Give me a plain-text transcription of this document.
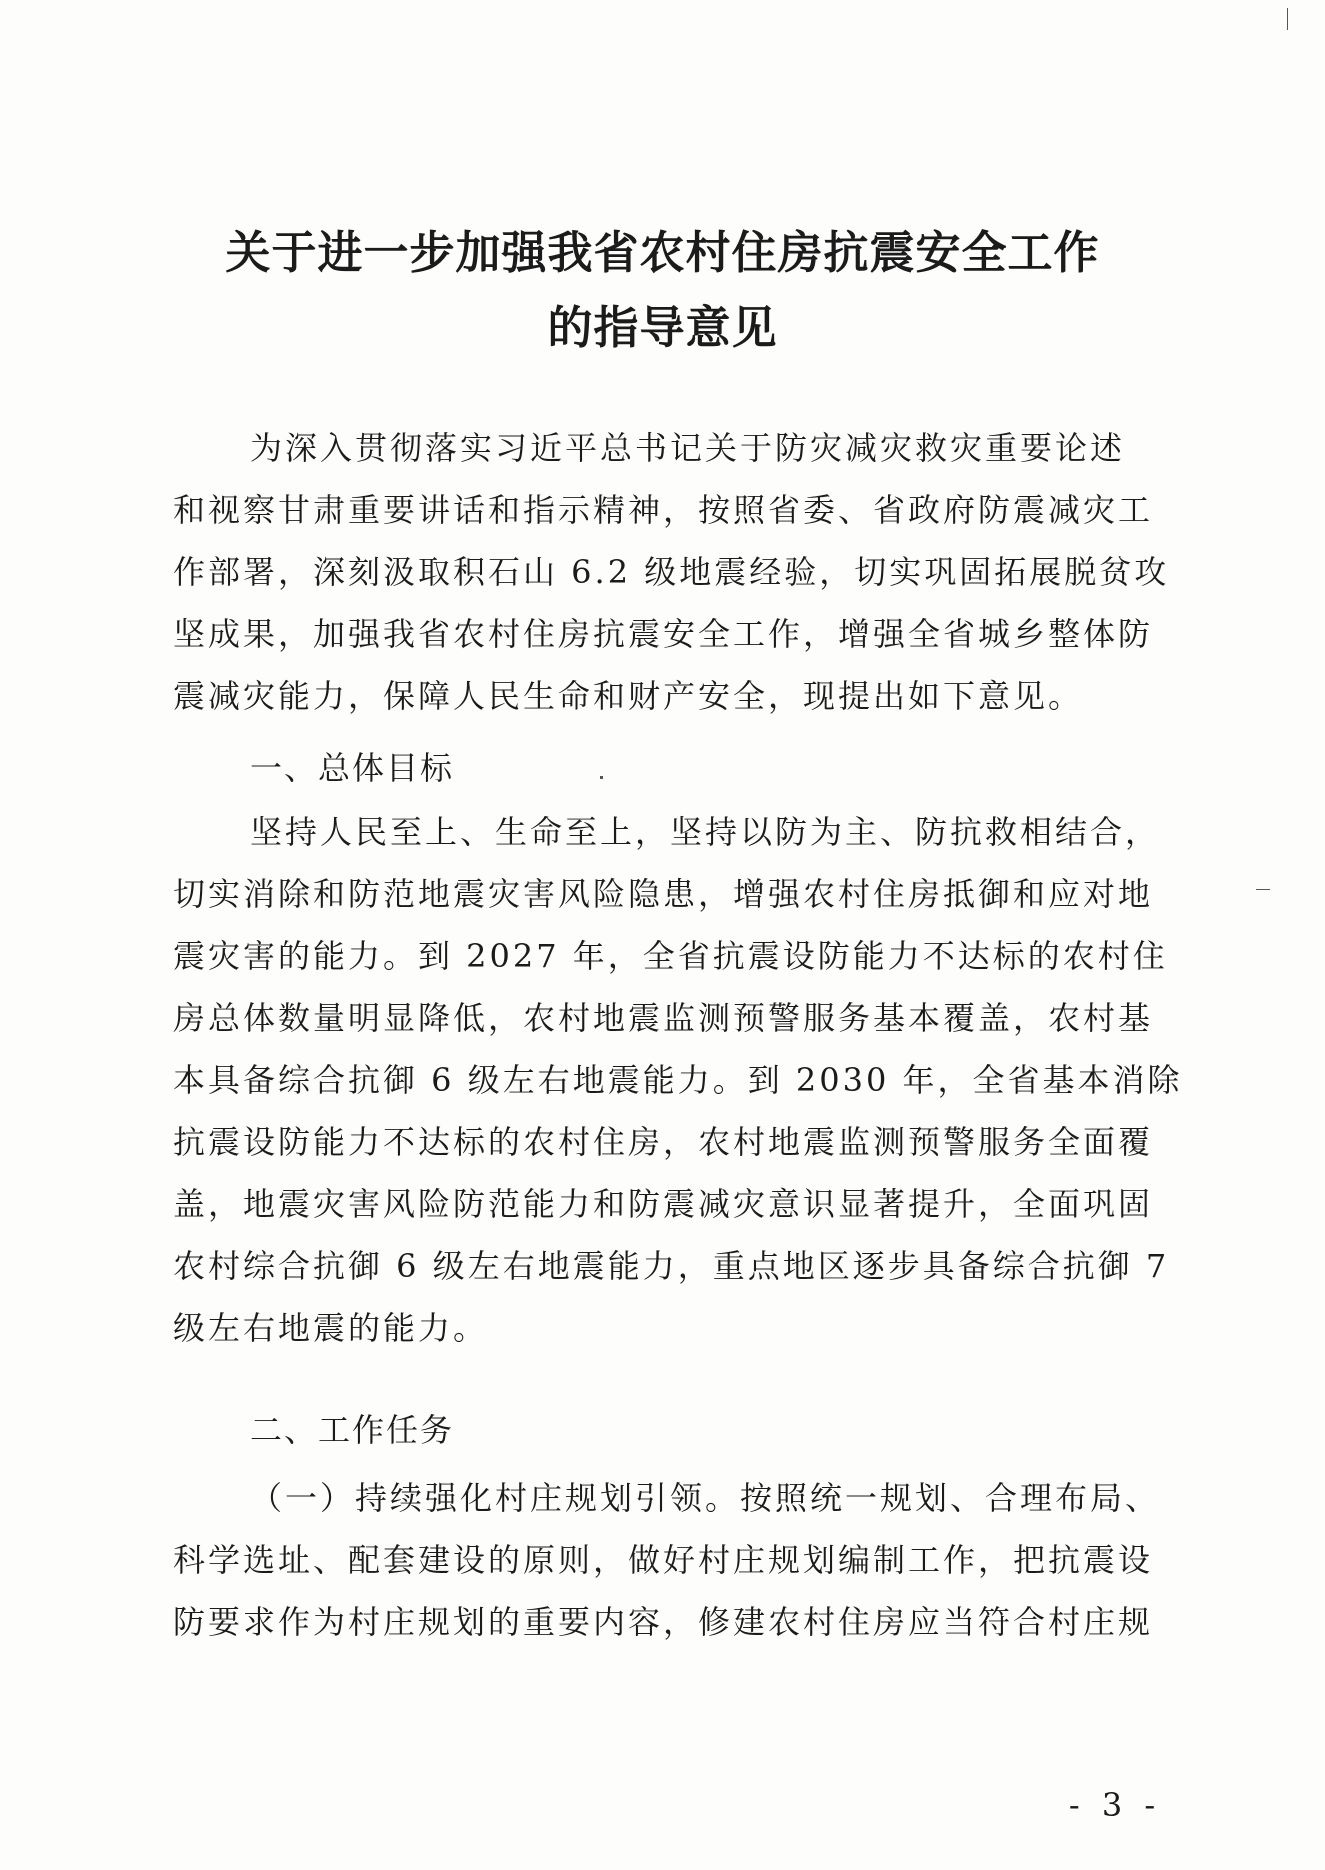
关于进一步加强我省农村住房抗震安全工作
的指导意见
为深入贯彻落实习近平总书记关于防灾减灾救灾重要论述
和视察甘肃重要讲话和指示精神，按照省委、省政府防震减灾工
作部署，深刻汲取积石山 6.2 级地震经验，切实巩固拓展脱贫攻
坚成果，加强我省农村住房抗震安全工作，增强全省城乡整体防
震减灾能力，保障人民生命和财产安全，现提出如下意见。
一、总体目标
坚持人民至上、生命至上，坚持以防为主、防抗救相结合，
切实消除和防范地震灾害风险隐患，增强农村住房抵御和应对地
震灾害的能力。到 2027 年，全省抗震设防能力不达标的农村住
房总体数量明显降低，农村地震监测预警服务基本覆盖，农村基
本具备综合抗御 6 级左右地震能力。到 2030 年，全省基本消除
抗震设防能力不达标的农村住房，农村地震监测预警服务全面覆
盖，地震灾害风险防范能力和防震减灾意识显著提升，全面巩固
农村综合抗御 6 级左右地震能力，重点地区逐步具备综合抗御 7
级左右地震的能力。
二、工作任务
（一）持续强化村庄规划引领。按照统一规划、合理布局、
科学选址、配套建设的原则，做好村庄规划编制工作，把抗震设
防要求作为村庄规划的重要内容，修建农村住房应当符合村庄规
- 3 -
